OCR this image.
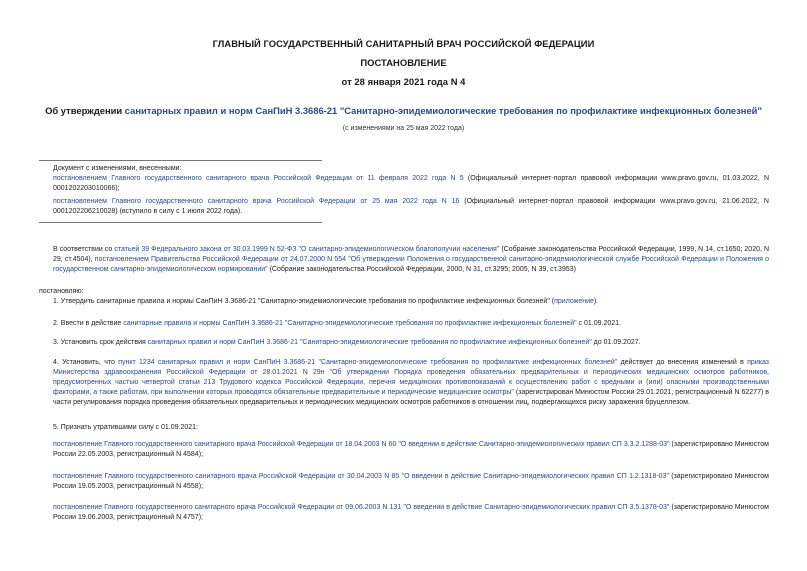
ГЛАВНЫЙ ГОСУДАРСТВЕННЫЙ САНИТАРНЫЙ ВРАЧ РОССИЙСКОЙ ФЕДЕРАЦИИ
ПОСТАНОВЛЕНИЕ
от 28 января 2021 года N 4
Об утверждении санитарных правил и норм СанПиН 3.3686-21 "Санитарно-эпидемиологические требования по профилактике инфекционных болезней"
(с изменениями на 25 мая 2022 года)
Документ с изменениями, внесенными:
постановлением Главного государственного санитарного врача Российской Федерации от 11 февраля 2022 года N 5 (Официальный интернет-портал правовой информации www.pravo.gov.ru, 01.03.2022, N 0001202203010066);
постановлением Главного государственного санитарного врача Российской Федерации от 25 мая 2022 года N 16 (Официальный интернет-портал правовой информации www.pravo.gov.ru, 21.06.2022, N 0001202206210028) (вступило в силу с 1 июля 2022 года).
В соответствии со статьей 39 Федерального закона от 30.03.1999 N 52-ФЗ "О санитарно-эпидемиологическом благополучии населения" (Собрание законодательства Российской Федерации, 1999, N 14, ст.1650; 2020, N 29, ст.4504), постановлением Правительства Российской Федерации от 24.07.2000 N 554 "Об утверждении Положения о государственной санитарно-эпидемиологической службе Российской Федерации и Положения о государственном санитарно-эпидемиологическом нормировании" (Собрание законодательства Российской Федерации, 2000, N 31, ст.3295; 2005, N 39, ст.3953)
постановляю:
1. Утвердить санитарные правила и нормы СанПиН 3.3686-21 "Санитарно-эпидемиологические требования по профилактике инфекционных болезней" (приложение).
2. Ввести в действие санитарные правила и нормы СанПиН 3.3686-21 "Санитарно-эпидемиологические требования по профилактике инфекционных болезней" с 01.09.2021.
3. Установить срок действия санитарных правил и норм СанПиН 3.3686-21 "Санитарно-эпидемиологические требования по профилактике инфекционных болезней" до 01.09.2027.
4. Установить, что пункт 1234 санитарных правил и норм СанПиН 3.3686-21 "Санитарно-эпидемиологические требования по профилактике инфекционных болезней" действует до внесения изменений в приказ Министерства здравоохранения Российской Федерации от 28.01.2021 N 29н "Об утверждении Порядка проведения обязательных предварительных и периодических медицинских осмотров работников, предусмотренных частью четвертой статьи 213 Трудового кодекса Российской Федерации, перечня медицинских противопоказаний к осуществлению работ с вредными и (или) опасными производственными факторами, а также работам, при выполнении которых проводятся обязательные предварительные и периодические медицинские осмотры" (зарегистрирован Минюстом России 29.01.2021, регистрационный N 62277) в части регулирования порядка проведения обязательных предварительных и периодических медицинских осмотров работников в отношении лиц, подвергающихся риску заражения бруцеллезом.
5. Признать утратившими силу с 01.09.2021:
постановление Главного государственного санитарного врача Российской Федерации от 18.04.2003 N 60 "О введении в действие Санитарно-эпидемиологических правил СП 3.3.2.1288-03" (зарегистрировано Минюстом России 22.05.2003, регистрационный N 4584);
постановление Главного государственного санитарного врача Российской Федерации от 30.04.2003 N 85 "О введении в действие Санитарно-эпидемиологических правил СП 1.2.1318-03" (зарегистрировано Минюстом России 19.05.2003, регистрационный N 4558);
постановление Главного государственного санитарного врача Российской Федерации от 09.06.2003 N 131 "О введении в действие Санитарно-эпидемиологических правил СП 3.5.1378-03" (зарегистрировано Минюстом России 19.06.2003, регистрационный N 4757);
